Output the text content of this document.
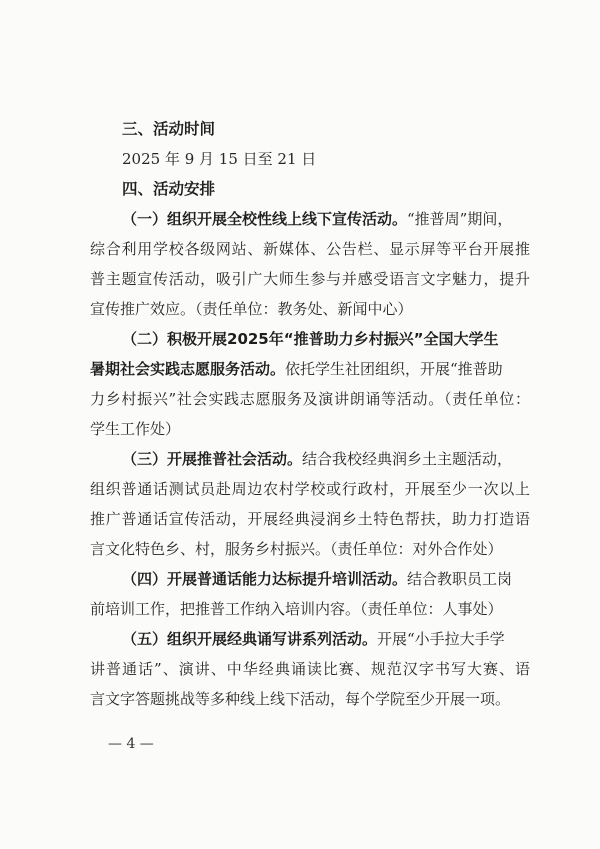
三、活动时间
2025 年 9 月 15 日至 21 日
四、活动安排
（一）组织开展全校性线上线下宣传活动。“推普周”期间，
综合利用学校各级网站、新媒体、公告栏、显示屏等平台开展推
普主题宣传活动，吸引广大师生参与并感受语言文字魅力，提升
宣传推广效应。（责任单位：教务处、新闻中心）
（二）积极开展2025年“推普助力乡村振兴”全国大学生
暑期社会实践志愿服务活动。依托学生社团组织，开展“推普助
力乡村振兴”社会实践志愿服务及演讲朗诵等活动。（责任单位：
学生工作处）
（三）开展推普社会活动。结合我校经典润乡土主题活动，
组织普通话测试员赴周边农村学校或行政村，开展至少一次以上
推广普通话宣传活动，开展经典浸润乡土特色帮扶，助力打造语
言文化特色乡、村，服务乡村振兴。（责任单位：对外合作处）
（四）开展普通话能力达标提升培训活动。结合教职员工岗
前培训工作，把推普工作纳入培训内容。（责任单位：人事处）
（五）组织开展经典诵写讲系列活动。开展“小手拉大手学
讲普通话”、演讲、中华经典诵读比赛、规范汉字书写大赛、语
言文字答题挑战等多种线上线下活动，每个学院至少开展一项。
— 4 —
